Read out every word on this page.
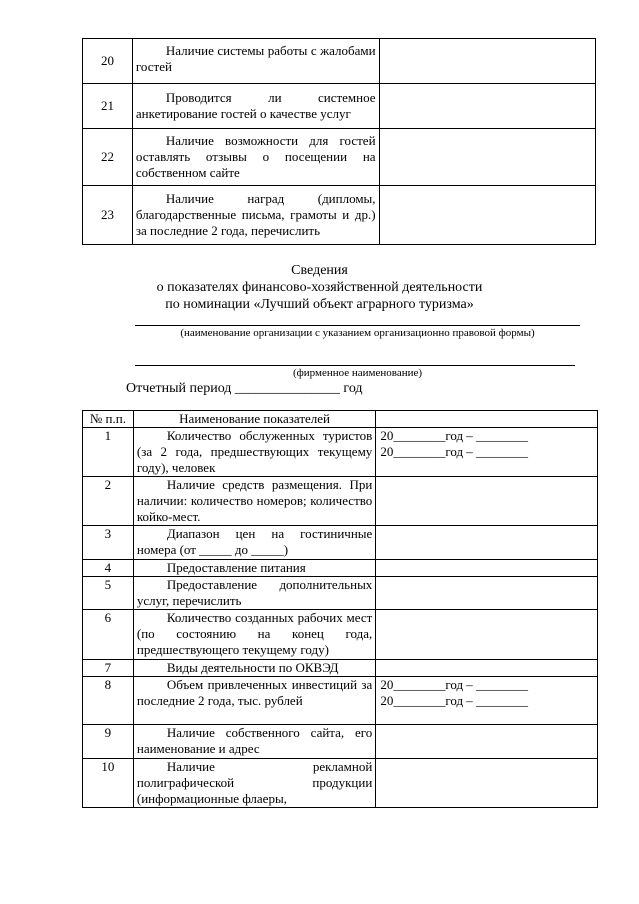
20	Наличие системы работы с жалобами гостей	
21	Проводится ли системное анкетирование гостей о качестве услуг	
22	Наличие возможности для гостей оставлять отзывы о посещении на собственном сайте	
23	Наличие наград (дипломы, благодарственные письма, грамоты и др.) за последние 2 года, перечислить	
Сведения
о показателях финансово-хозяйственной деятельности
по номинации «Лучший объект аграрного туризма»
(наименование организации с указанием организационно правовой формы)
(фирменное наименование)
Отчетный период _______________ год
№ п.п.	Наименование показателей	
1	Количество обслуженных туристов (за 2 года, предшествующих текущему году), человек	20________год – ________
20________год – ________

2	Наличие средств размещения. При наличии: количество номеров; количество койко-мест.	
3	Диапазон цен на гостиничные номера (от _____ до _____)	
4	Предоставление питания	
5	Предоставление дополнительных услуг, перечислить	
6	Количество созданных рабочих мест (по состоянию на конец года, предшествующего текущему году)	
7	Виды деятельности по ОКВЭД	
8	Объем привлеченных инвестиций за последние 2 года, тыс. рублей	20________год – ________
20________год – ________

9	Наличие собственного сайта, его наименование и адрес	
10	Наличие рекламной полиграфической продукции (информационные флаеры,	
